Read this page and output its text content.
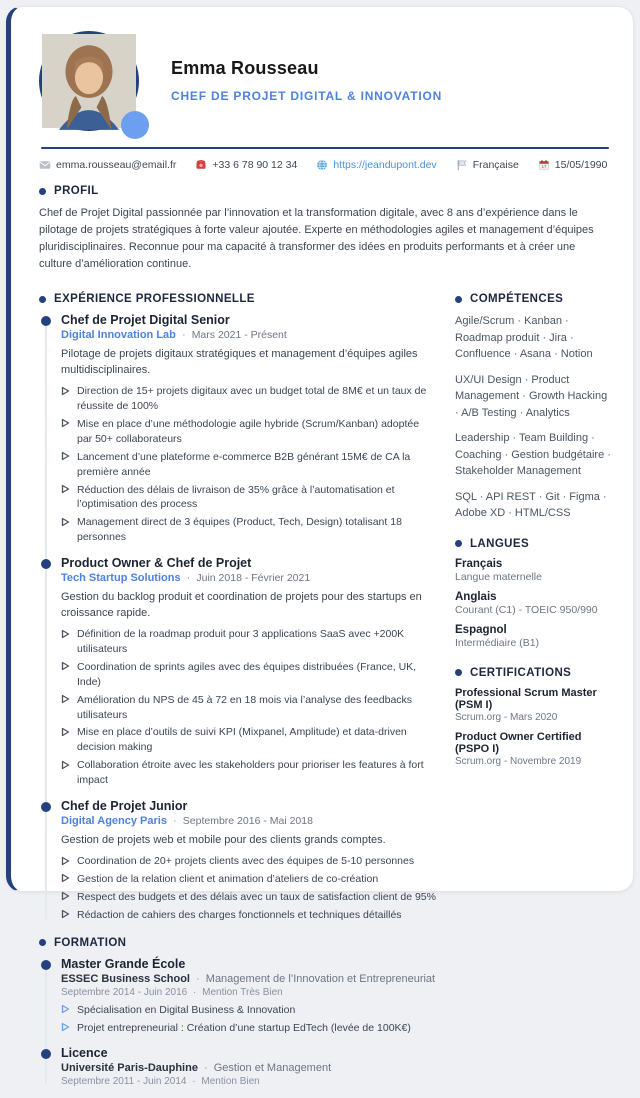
Emma Rousseau
CHEF DE PROJET DIGITAL & INNOVATION
emma.rousseau@email.fr	+33 6 78 90 12 34	https://jeandupont.dev	Française	17 15/05/1990
PROFIL

Chef de Projet Digital passionnée par l’innovation et la transformation digitale, avec 8 ans d’expérience dans le pilotage de projets stratégiques à forte valeur ajoutée. Experte en méthodologies agiles et management d’équipes pluridisciplinaires. Reconnue pour ma capacité à transformer des idées en produits performants et à créer une culture d’amélioration continue.

EXPÉRIENCE PROFESSIONNELLE
Chef de Projet Digital Senior
Digital Innovation Lab · Mars 2021 - Présent
Pilotage de projets digitaux stratégiques et management d’équipes agiles multidisciplinaires.
Direction de 15+ projets digitaux avec un budget total de 8M€ et un taux de réussite de 100%
Mise en place d’une méthodologie agile hybride (Scrum/Kanban) adoptée par 50+ collaborateurs
Lancement d’une plateforme e-commerce B2B générant 15M€ de CA la première année
Réduction des délais de livraison de 35% grâce à l’automatisation et l’optimisation des process
Management direct de 3 équipes (Product, Tech, Design) totalisant 18 personnes
Product Owner & Chef de Projet
Tech Startup Solutions · Juin 2018 - Février 2021
Gestion du backlog produit et coordination de projets pour des startups en croissance rapide.
Définition de la roadmap produit pour 3 applications SaaS avec +200K utilisateurs
Coordination de sprints agiles avec des équipes distribuées (France, UK, Inde)
Amélioration du NPS de 45 à 72 en 18 mois via l’analyse des feedbacks utilisateurs
Mise en place d’outils de suivi KPI (Mixpanel, Amplitude) et data-driven decision making
Collaboration étroite avec les stakeholders pour prioriser les features à fort impact
Chef de Projet Junior
Digital Agency Paris · Septembre 2016 - Mai 2018
Gestion de projets web et mobile pour des clients grands comptes.
Coordination de 20+ projets clients avec des équipes de 5-10 personnes
Gestion de la relation client et animation d’ateliers de co-création
Respect des budgets et des délais avec un taux de satisfaction client de 95%
Rédaction de cahiers des charges fonctionnels et techniques détaillés
FORMATION
Master Grande École
ESSEC Business School · Management de l’Innovation et Entrepreneuriat
Septembre 2014 - Juin 2016 · Mention Très Bien
Spécialisation en Digital Business & Innovation
Projet entrepreneurial : Création d’une startup EdTech (levée de 100K€)
Licence
Université Paris-Dauphine · Gestion et Management
Septembre 2011 - Juin 2014 · Mention Bien
COMPÉTENCES

Agile/Scrum · Kanban · Roadmap produit · Jira · Confluence · Asana · Notion

UX/UI Design · Product Management · Growth Hacking · A/B Testing · Analytics

Leadership · Team Building · Coaching · Gestion budgétaire · Stakeholder Management

SQL · API REST · Git · Figma · Adobe XD · HTML/CSS

LANGUES
Français
Langue maternelle
Anglais
Courant (C1) - TOEIC 950/990
Espagnol
Intermédiaire (B1)
CERTIFICATIONS
Professional Scrum Master (PSM I)
Scrum.org - Mars 2020
Product Owner Certified (PSPO I)
Scrum.org - Novembre 2019
